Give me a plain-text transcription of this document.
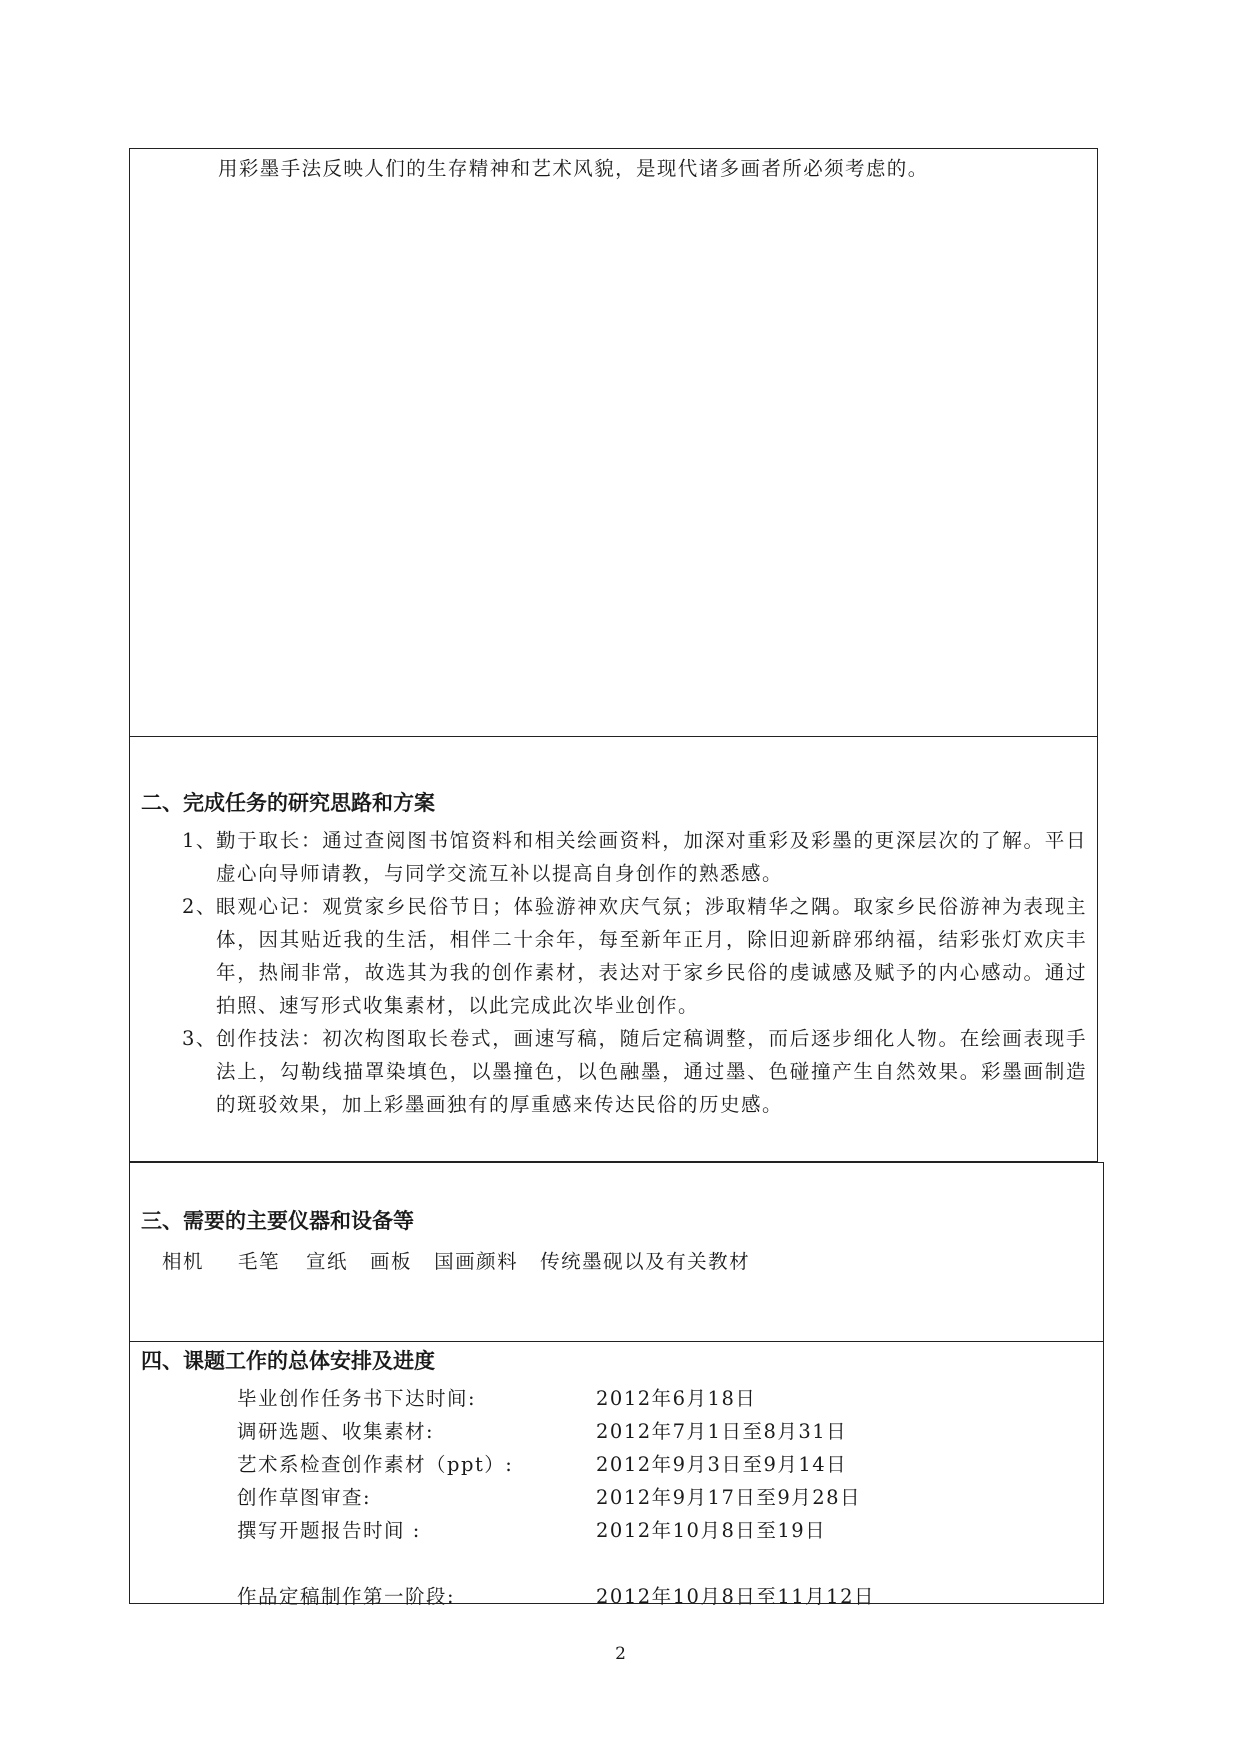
用彩墨手法反映人们的生存精神和艺术风貌，是现代诸多画者所必须考虑的。

二、完成任务的研究思路和方案
1、 勤于取长：通过查阅图书馆资料和相关绘画资料，加深对重彩及彩墨的更深层次的了解。平日虚心向导师请教，与同学交流互补以提高自身创作的熟悉感。
2、 眼观心记：观赏家乡民俗节日；体验游神欢庆气氛；涉取精华之隅。取家乡民俗游神为表现主体，因其贴近我的生活，相伴二十余年，每至新年正月，除旧迎新辟邪纳福，结彩张灯欢庆丰年，热闹非常，故选其为我的创作素材，表达对于家乡民俗的虔诚感及赋予的内心感动。通过拍照、速写形式收集素材，以此完成此次毕业创作。
3、 创作技法：初次构图取长卷式，画速写稿，随后定稿调整，而后逐步细化人物。在绘画表现手法上，勾勒线描罩染填色，以墨撞色，以色融墨，通过墨、色碰撞产生自然效果。彩墨画制造的斑驳效果，加上彩墨画独有的厚重感来传达民俗的历史感。
三、需要的主要仪器和设备等
相机 毛笔 宣纸 画板 国画颜料 传统墨砚以及有关教材
四、课题工作的总体安排及进度
毕业创作任务书下达时间:	2012年6月18日
调研选题、收集素材:	2012年7月1日至8月31日
艺术系检查创作素材（ppt）:	2012年9月3日至9月14日
创作草图审查:	2012年9月17日至9月28日
撰写开题报告时间 :	2012年10月8日至19日
作品定稿制作第一阶段:	2012年10月8日至11月12日

2
